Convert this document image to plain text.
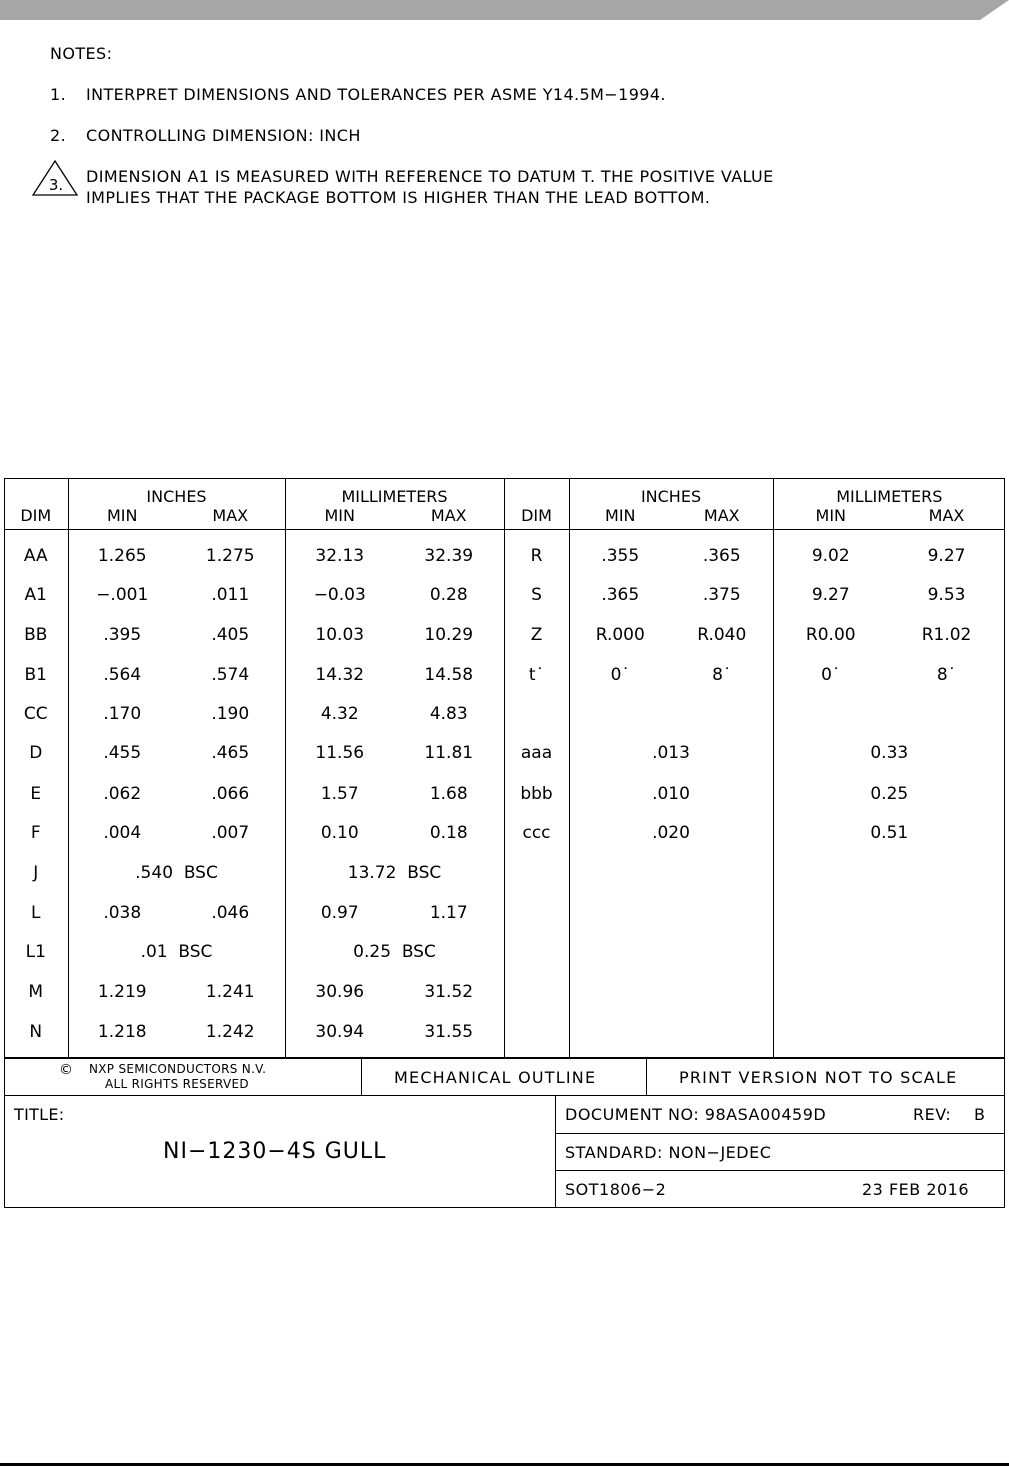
NOTES:
1. INTERPRET DIMENSIONS AND TOLERANCES PER ASME Y14.5M−1994.
2. CONTROLLING DIMENSION: INCH
DIMENSION A1 IS MEASURED WITH REFERENCE TO DATUM T. THE POSITIVE VALUE
IMPLIES THAT THE PACKAGE BOTTOM IS HIGHER THAN THE LEAD BOTTOM.
3.
	INCHES		MILLIMETERS			INCHES		MILLIMETERS	
DIM	MIN	MAX	MIN	MAX	DIM	MIN	MAX	MIN	MAX

AA	1.265	1.275	32.13	32.39	R	.355	.365	9.02	9.27
A1	−.001	.011	−0.03	0.28	S	.365	.375	9.27	9.53
BB	.395	.405	10.03	10.29	Z	R.000	R.040	R0.00	R1.02
B1	.564	.574	14.32	14.58	t˙	0˙	8˙	0˙	8˙
CC	.170	.190	4.32	4.83					
D	.455	.465	11.56	11.81	aaa	.013		0.33	
E	.062	.066	1.57	1.68	bbb	.010		0.25	
F	.004	.007	0.10	0.18	ccc	.020		0.51	
J	.540  BSC		13.72  BSC						
L	.038	.046	0.97	1.17					
L1	.01  BSC		0.25  BSC						
M	1.219	1.241	30.96	31.52					
N	1.218	1.242	30.94	31.55					

© NXP SEMICONDUCTORS N.V.
ALL RIGHTS RESERVED	MECHANICAL OUTLINE	PRINT VERSION NOT TO SCALE
TITLE:
NI−1230−4S GULL
DOCUMENT NO: 98ASA00459D	REV: B
STANDARD: NON−JEDEC
SOT1806−2	23 FEB 2016
